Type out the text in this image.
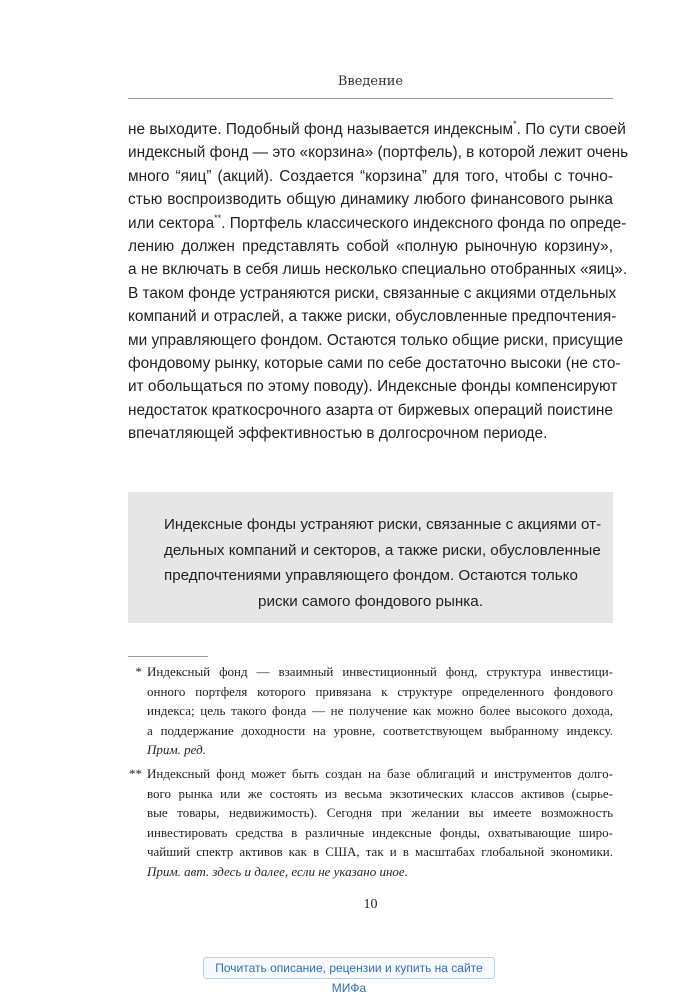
Введение
не выходите. Подобный фонд называется индексным*. По сути своей
индексный фонд — это «корзина» (портфель), в которой лежит очень
много “яиц” (акций). Создается “корзина” для того, чтобы с точно-
стью воспроизводить общую динамику любого финансового рынка
или сектора**. Портфель классического индексного фонда по опреде-
лению должен представлять собой «полную рыночную корзину»,
а не включать в себя лишь несколько специально отобранных «яиц».
В таком фонде устраняются риски, связанные с акциями отдельных
компаний и отраслей, а также риски, обусловленные предпочтения-
ми управляющего фондом. Остаются только общие риски, присущие
фондовому рынку, которые сами по себе достаточно высоки (не сто-
ит обольщаться по этому поводу). Индексные фонды компенсируют
недостаток краткосрочного азарта от биржевых операций поистине
впечатляющей эффективностью в долгосрочном периоде.
Индексные фонды устраняют риски, связанные с акциями от-
дельных компаний и секторов, а также риски, обусловленные
предпочтениями управляющего фондом. Остаются только
риски самого фондового рынка.
* Индексный фонд — взаимный инвестиционный фонд, структура инвестици-
онного портфеля которого привязана к структуре определенного фондового
индекса; цель такого фонда — не получение как можно более высокого дохода,
а поддержание доходности на уровне, соответствующем выбранному индексу.
Прим. ред.
** Индексный фонд может быть создан на базе облигаций и инструментов долго-
вого рынка или же состоять из весьма экзотических классов активов (сырье-
вые товары, недвижимость). Сегодня при желании вы имеете возможность
инвестировать средства в различные индексные фонды, охватывающие широ-
чайший спектр активов как в США, так и в масштабах глобальной экономики.
Прим. авт. здесь и далее, если не указано иное.
10
Почитать описание, рецензии и купить на сайте МИФа
